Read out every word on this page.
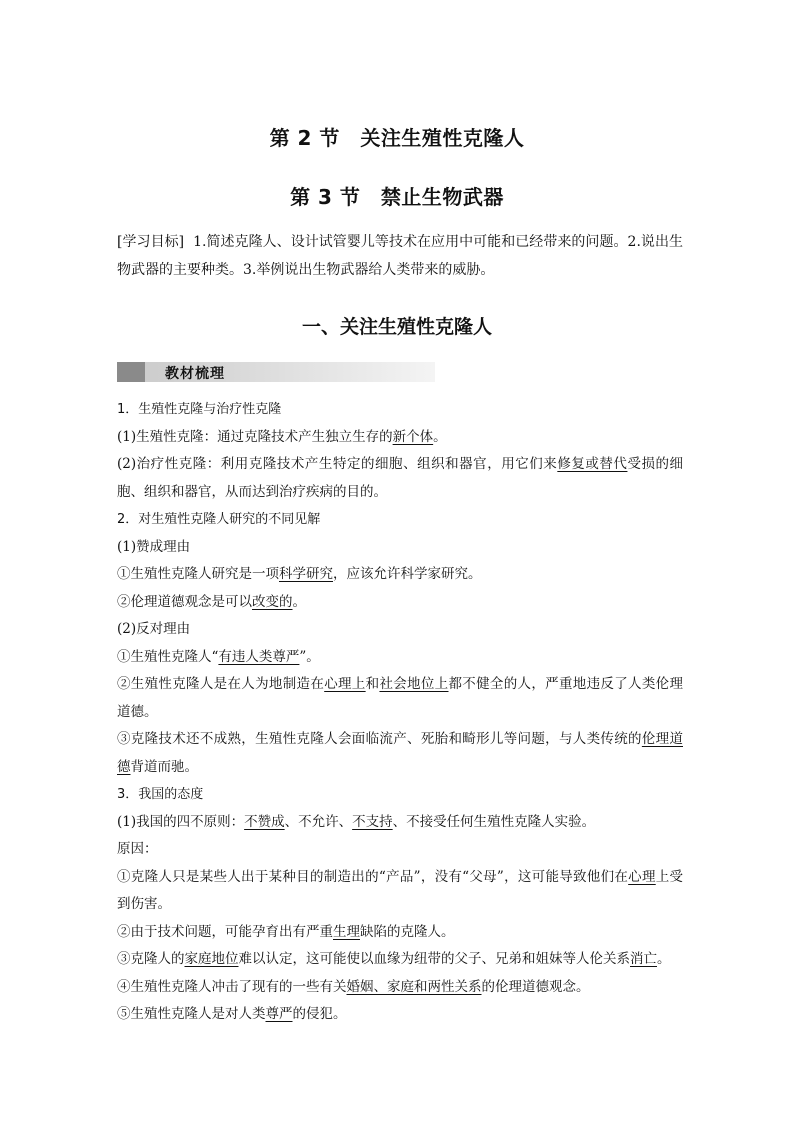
第 2 节　关注生殖性克隆人
第 3 节　禁止生物武器
[学习目标] 1.简述克隆人、设计试管婴儿等技术在应用中可能和已经带来的问题。2.说出生物武器的主要种类。3.举例说出生物武器给人类带来的威胁。
一、关注生殖性克隆人
教材梳理

1．生殖性克隆与治疗性克隆

(1)生殖性克隆：通过克隆技术产生独立生存的新个体。

(2)治疗性克隆：利用克隆技术产生特定的细胞、组织和器官，用它们来修复或替代受损的细胞、组织和器官，从而达到治疗疾病的目的。

2．对生殖性克隆人研究的不同见解

(1)赞成理由

①生殖性克隆人研究是一项科学研究，应该允许科学家研究。

②伦理道德观念是可以改变的。

(2)反对理由

①生殖性克隆人“有违人类尊严”。

②生殖性克隆人是在人为地制造在心理上和社会地位上都不健全的人，严重地违反了人类伦理道德。

③克隆技术还不成熟，生殖性克隆人会面临流产、死胎和畸形儿等问题，与人类传统的伦理道德背道而驰。

3．我国的态度

(1)我国的四不原则：不赞成、不允许、不支持、不接受任何生殖性克隆人实验。

原因：

①克隆人只是某些人出于某种目的制造出的“产品”，没有“父母”，这可能导致他们在心理上受到伤害。

②由于技术问题，可能孕育出有严重生理缺陷的克隆人。

③克隆人的家庭地位难以认定，这可能使以血缘为纽带的父子、兄弟和姐妹等人伦关系消亡。

④生殖性克隆人冲击了现有的一些有关婚姻、家庭和两性关系的伦理道德观念。

⑤生殖性克隆人是对人类尊严的侵犯。
